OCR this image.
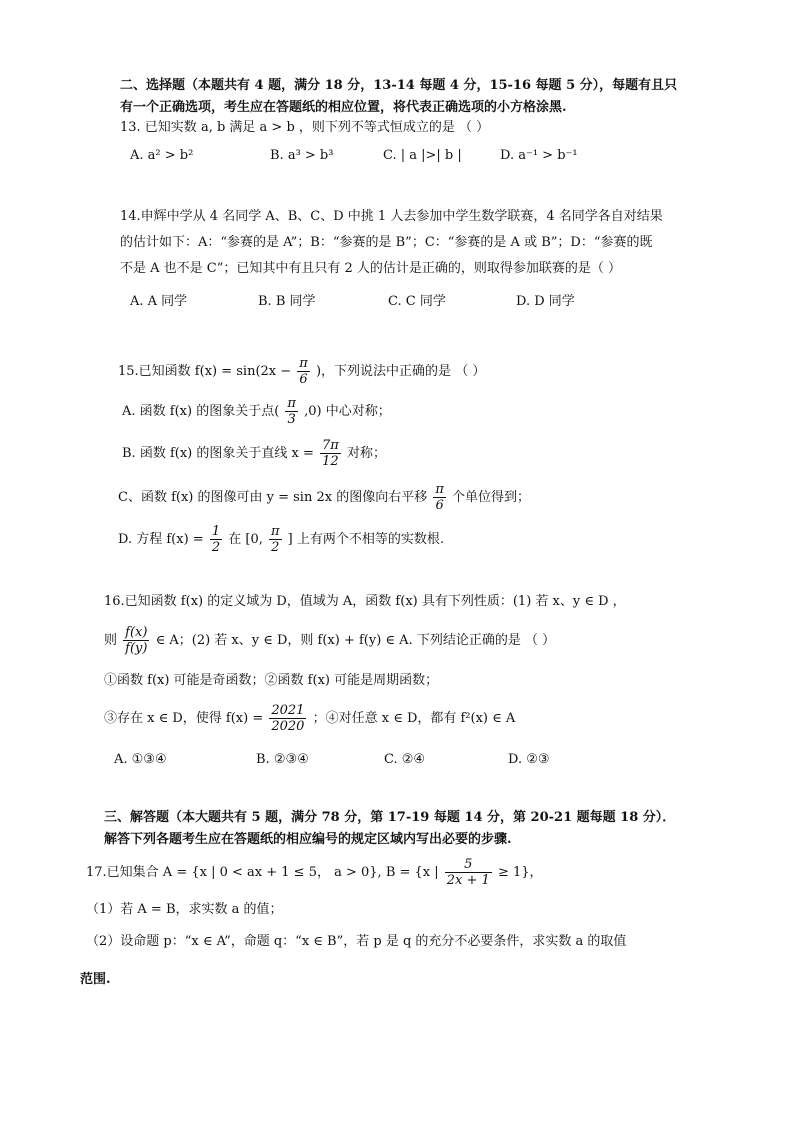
二、选择题（本题共有 4 题，满分 18 分，13-14 每题 4 分，15-16 每题 5 分），每题有且只
有一个正确选项，考生应在答题纸的相应位置，将代表正确选项的小方格涂黑.
13. 已知实数 a, b 满足 a > b ，则下列不等式恒成立的是 （ ）
A. a² > b²	B. a³ > b³	C. | a |>| b |	D. a⁻¹ > b⁻¹
14.申辉中学从 4 名同学 A、B、C、D 中挑 1 人去参加中学生数学联赛，4 名同学各自对结果
的估计如下：A：“参赛的是 A”；B：“参赛的是 B”；C：“参赛的是 A 或 B”；D：“参赛的既
不是 A 也不是 C”；已知其中有且只有 2 人的估计是正确的，则取得参加联赛的是（ ）
A. A 同学	B. B 同学	C. C 同学	D. D 同学
15.已知函数 $f(x) = \sin(2x - \frac{\pi}{6}$ )，下列说法中正确的是 （ ）
A. 函数 f(x) 的图象关于点( $\frac{\pi}{3} ,0$) 中心对称；
B. 函数 f(x) 的图象关于直线 $x = \frac{7\pi}{12}$ 对称；
C、函数 f(x) 的图像可由 y = sin 2x 的图像向右平移 $\frac{\pi}{6}$ 个单位得到；
D. 方程 $f(x) = \frac{1}{2}$ 在 [0, $\frac{\pi}{2}$ ] 上有两个不相等的实数根.
16.已知函数 f(x) 的定义域为 D，值域为 A，函数 f(x) 具有下列性质：(1) 若 x、y ∈ D ，
则 $\frac{f(x)}{f(y)}$ ∈ A；(2) 若 x、y ∈ D，则 f(x) + f(y) ∈ A. 下列结论正确的是 （ ）
①函数 f(x) 可能是奇函数；②函数 f(x) 可能是周期函数；
③存在 x ∈ D，使得 $f(x) = \frac{2021}{2020}$ ；④对任意 x ∈ D，都有 f²(x) ∈ A
A. ①③④	B. ②③④	C. ②④	D. ②③
三、解答题（本大题共有 5 题，满分 78 分，第 17-19 每题 14 分，第 20-21 题每题 18 分）．
解答下列各题考生应在答题纸的相应编号的规定区域内写出必要的步骤.
17.已知集合 A = {x | 0 < ax + 1 ≤ 5， a > 0}, B = {x | $\frac{5}{2x + 1} \ge 1$}，
（1）若 A = B，求实数 a 的值；
（2）设命题 p：“x ∈ A”，命题 q：“x ∈ B”，若 p 是 q 的充分不必要条件，求实数 a 的取值
范围.
